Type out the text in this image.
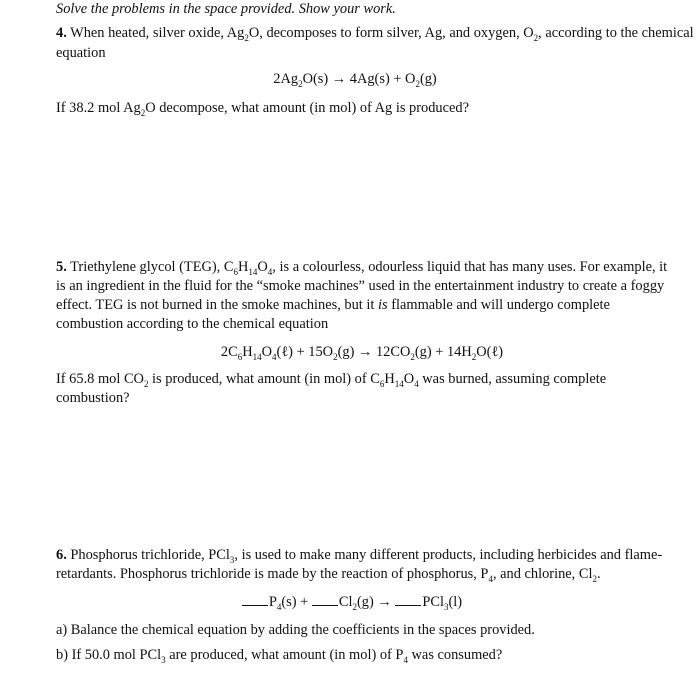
Solve the problems in the space provided. Show your work.
4. When heated, silver oxide, $Ag_2O$, decomposes to form silver, Ag, and oxygen, $O_2$, according to the chemical equation
$2Ag_2O(s) \to 4Ag(s) + O_2(g)$
If 38.2 mol $Ag_2O$ decompose, what amount (in mol) of Ag is produced?
5. Triethylene glycol (TEG), $C_6H_{14}O_4$, is a colourless, odourless liquid that has many uses. For example, it
is an ingredient in the fluid for the “smoke machines” used in the entertainment industry to create a foggy
effect. TEG is not burned in the smoke machines, but it is flammable and will undergo complete
combustion according to the chemical equation
$2C_6H_{14}O_4(\ell) + 15O_2(g) \to 12CO_2(g)$ + $14H_2O(\ell)$
If 65.8 mol $CO_2$ is produced, what amount (in mol) of $C_6H_{14}O_4$ was burned, assuming complete
combustion?
6. Phosphorus trichloride, PCl$_3$, is used to make many different products, including herbicides and flame-
retardants. Phosphorus trichloride is made by the reaction of phosphorus, $P_4$, and chlorine, $Cl_2$.
$P_4(s) + Cl_2(g) \to PCl_3(l)$
a) Balance the chemical equation by adding the coefficients in the spaces provided.
b) If 50.0 mol PCl$_3$ are produced, what amount (in mol) of $P_4$ was consumed?
